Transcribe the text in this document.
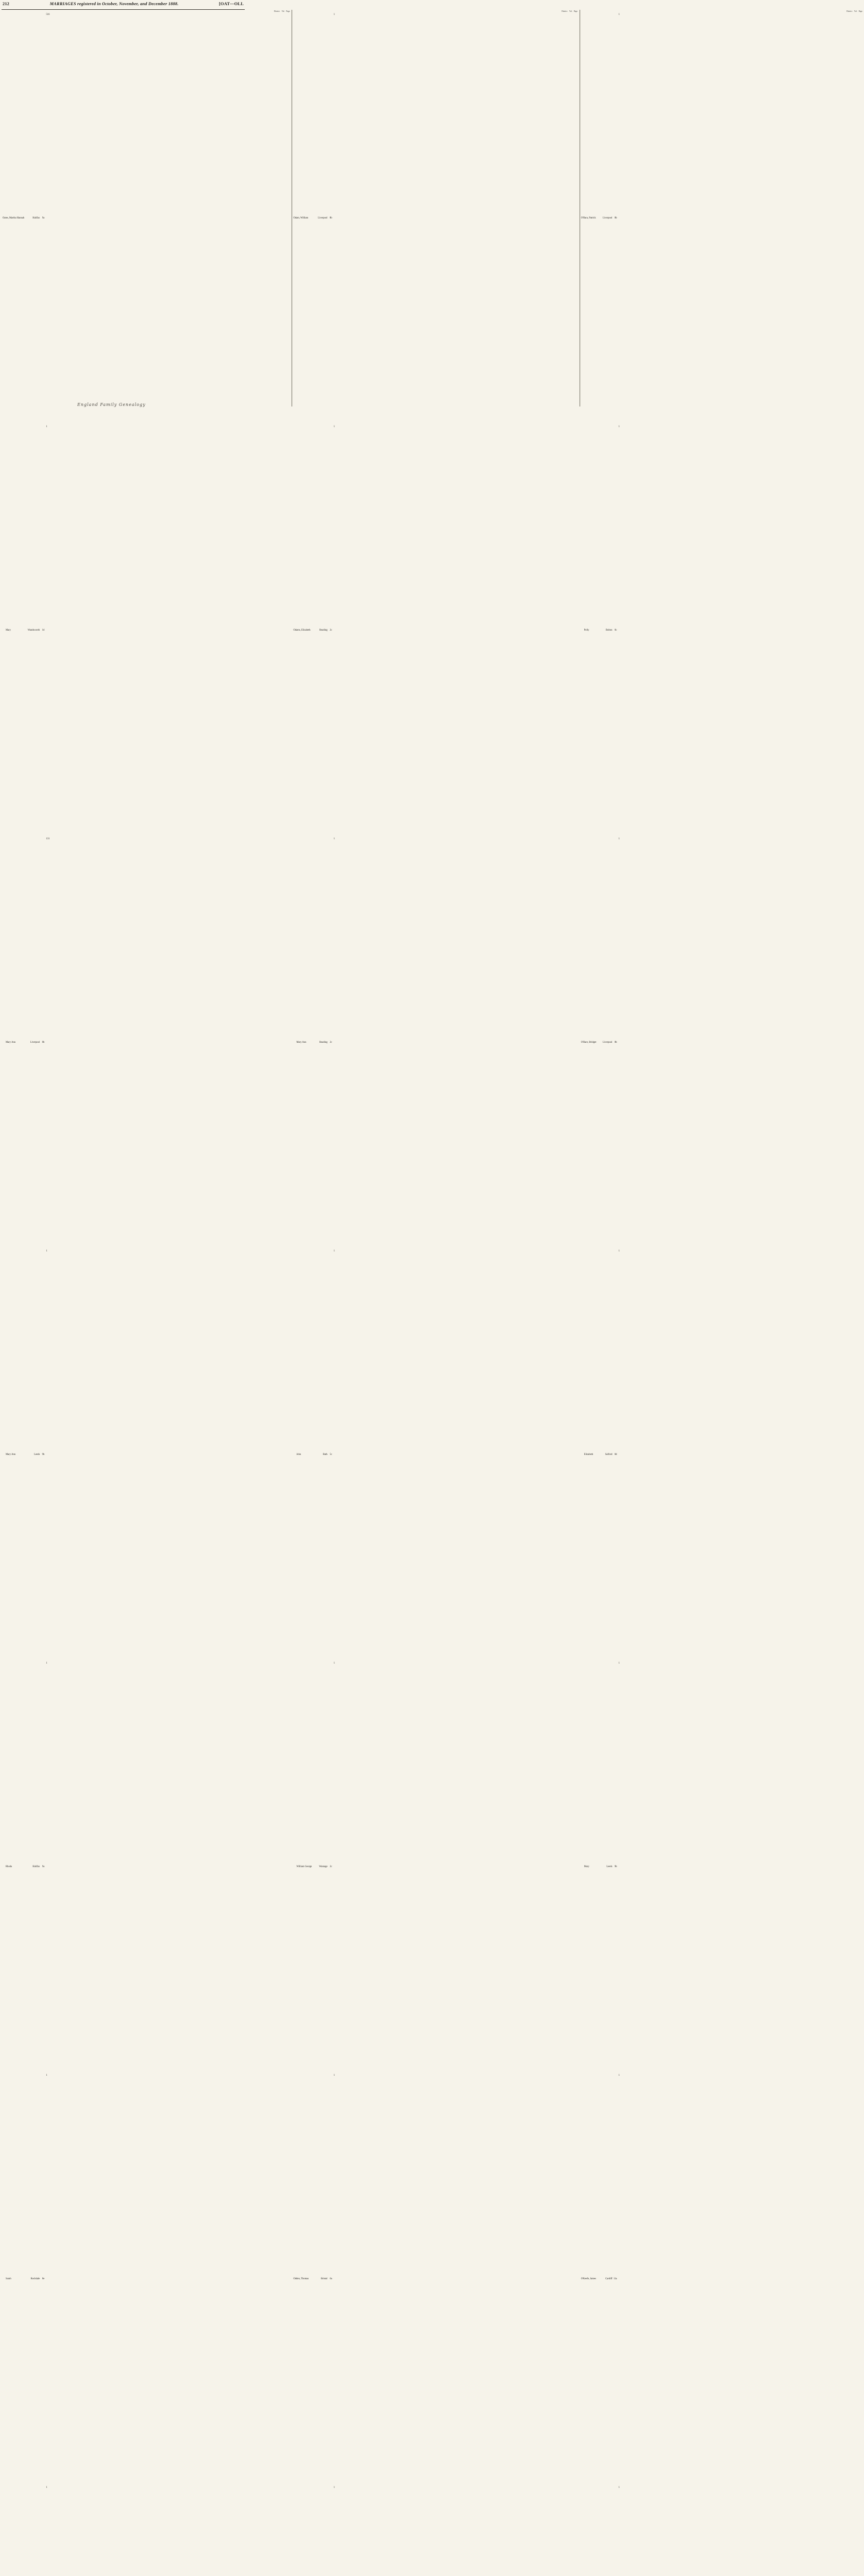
212	MARRIAGES registered in October, November, and December 1888.	[OAT—OLL
District. Vol. Page.
Oates, Martha Hannah	Halifax 9a
516
Mary	Wandsworth 1d
1
Mary Ann	Liverpool 8b
131
Mary Ann	Leeds 9b
1
Rhoda	Halifax 9a
1
Sarah	Rochdale 8e
1
1
District. Vol. Page.
Odam, William	Liverpool 8b
1
Odams, Elizabeth	Reading 2c
1
Mary Ann	Reading 2c
1
John	Bath 5c
1
William George	Wantage 2c
1
Odden, Thomas	Bristol 6a
1
1
District. Vol. Page.
O'Hara, Patrick	Liverpool 8b
1
Polly	Bolton 8c
1
O'Hare, Bridget	Liverpool 8b
1
Elizabeth	Salford 8d
1
Mary	Leeds 9b
1
O'Keefe, James	Cardiff 11a
1
1
England Family Genealogy
